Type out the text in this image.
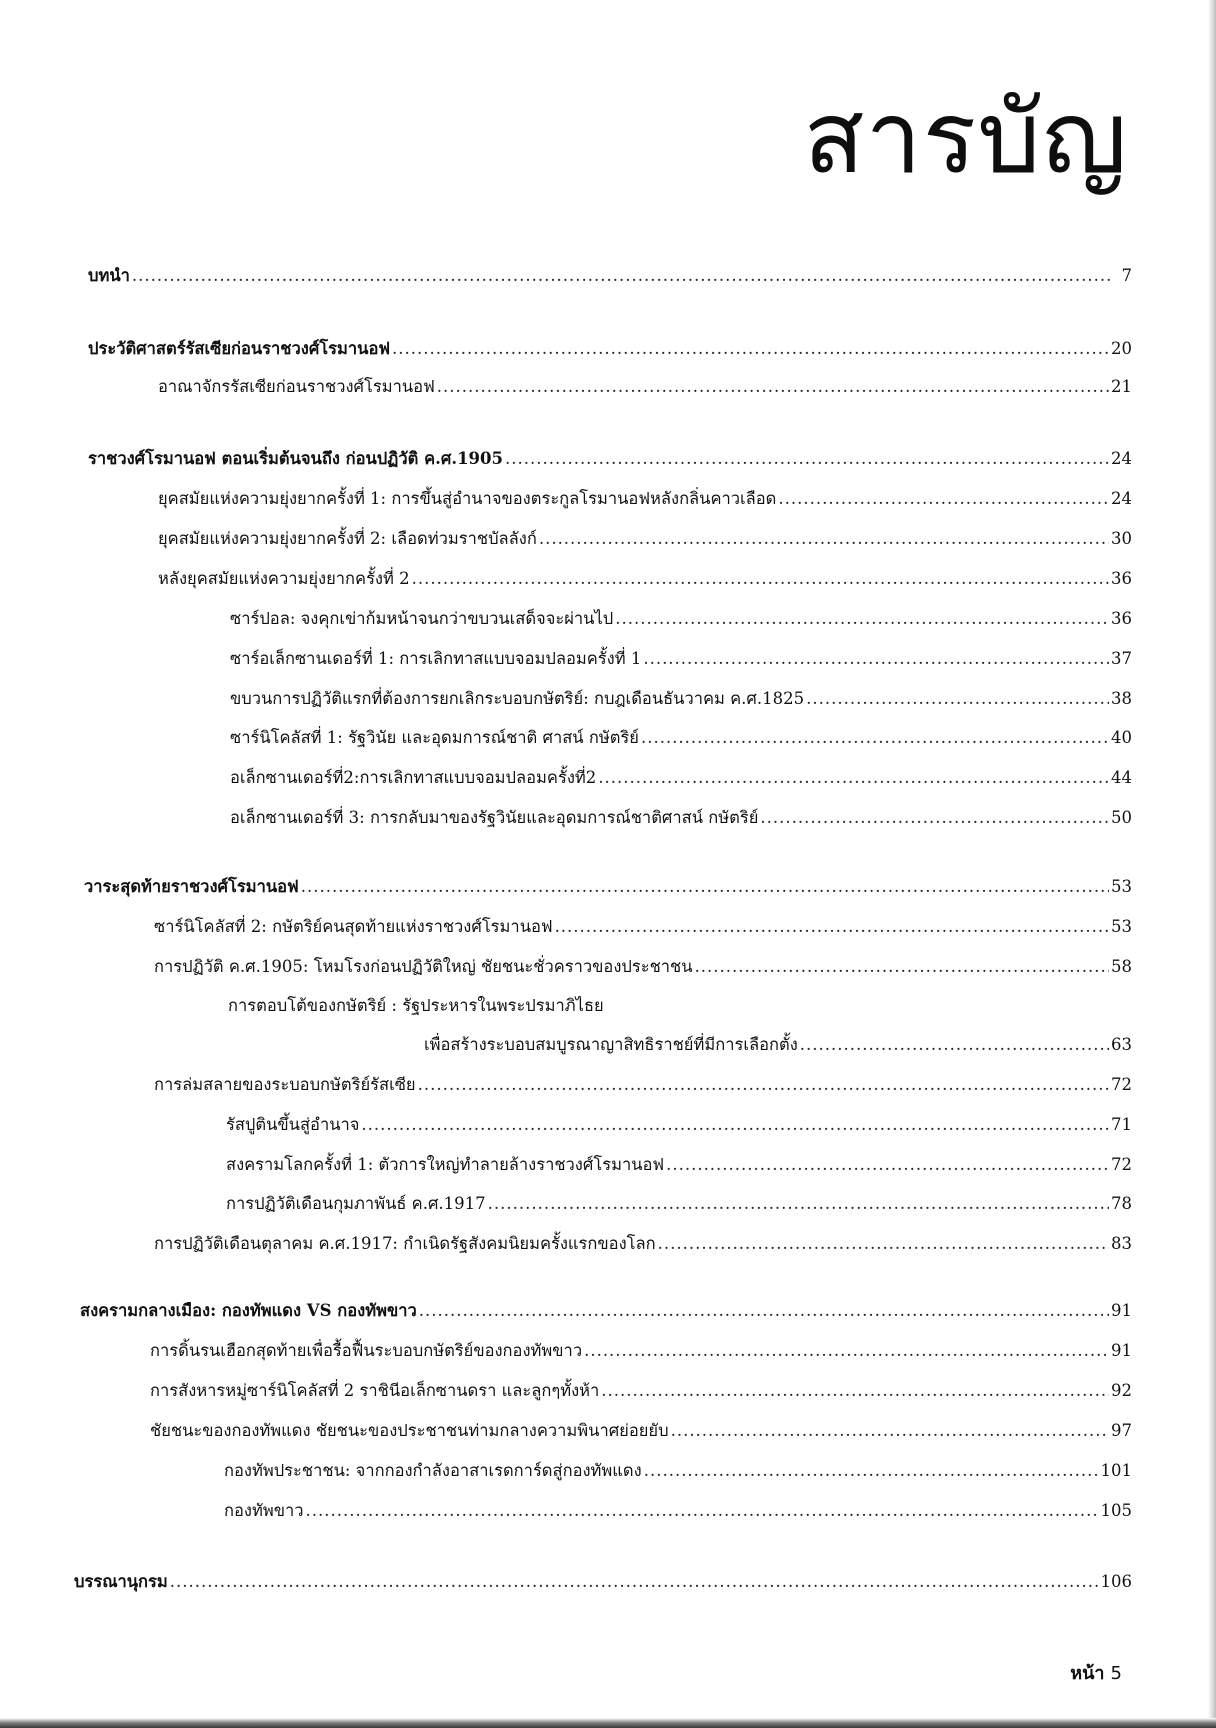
สารบัญ
บทนำ .....	7
ประวัติศาสตร์รัสเซียก่อนราชวงศ์โรมานอฟ .....	20
อาณาจักรรัสเซียก่อนราชวงศ์โรมานอฟ .....	21
ราชวงศ์โรมานอฟ ตอนเริ่มต้นจนถึง ก่อนปฏิวัติ ค.ศ.1905 .....	24
ยุคสมัยแห่งความยุ่งยากครั้งที่ 1: การขึ้นสู่อำนาจของตระกูลโรมานอฟหลังกลิ่นคาวเลือด .....	24
ยุคสมัยแห่งความยุ่งยากครั้งที่ 2: เลือดท่วมราชบัลลังก์ .....	30
หลังยุคสมัยแห่งความยุ่งยากครั้งที่ 2 .....	36
ซาร์ปอล: จงคุกเข่าก้มหน้าจนกว่าขบวนเสด็จจะผ่านไป .....	36
ซาร์อเล็กซานเดอร์ที่ 1: การเลิกทาสแบบจอมปลอมครั้งที่ 1 .....	37
ขบวนการปฏิวัติแรกที่ต้องการยกเลิกระบอบกษัตริย์: กบฎเดือนธันวาคม ค.ศ.1825 .....	38
ซาร์นิโคลัสที่ 1: รัฐวินัย และอุดมการณ์ชาติ ศาสน์ กษัตริย์ .....	40
อเล็กซานเดอร์ที่2:การเลิกทาสแบบจอมปลอมครั้งที่2 .....	44
อเล็กซานเดอร์ที่ 3: การกลับมาของรัฐวินัยและอุดมการณ์ชาติศาสน์ กษัตริย์ .....	50
วาระสุดท้ายราชวงศ์โรมานอฟ .....	53
ซาร์นิโคลัสที่ 2: กษัตริย์คนสุดท้ายแห่งราชวงศ์โรมานอฟ .....	53
การปฏิวัติ ค.ศ.1905: โหมโรงก่อนปฏิวัติใหญ่ ชัยชนะชั่วคราวของประชาชน .....	58
การตอบโต้ของกษัตริย์ : รัฐประหารในพระปรมาภิไธย
เพื่อสร้างระบอบสมบูรณาญาสิทธิราชย์ที่มีการเลือกตั้ง .....	63
การล่มสลายของระบอบกษัตริย์รัสเซีย .....	72
รัสปูตินขึ้นสู่อำนาจ .....	71
สงครามโลกครั้งที่ 1: ตัวการใหญ่ทำลายล้างราชวงศ์โรมานอฟ .....	72
การปฏิวัติเดือนกุมภาพันธ์ ค.ศ.1917 .....	78
การปฏิวัติเดือนตุลาคม ค.ศ.1917: กำเนิดรัฐสังคมนิยมครั้งแรกของโลก .....	83
สงครามกลางเมือง: กองทัพแดง VS กองทัพขาว .....	91
การดิ้นรนเฮือกสุดท้ายเพื่อรื้อฟื้นระบอบกษัตริย์ของกองทัพขาว .....	91
การสังหารหมู่ซาร์นิโคลัสที่ 2 ราชินีอเล็กซานดรา และลูกๆทั้งห้า .....	92
ชัยชนะของกองทัพแดง ชัยชนะของประชาชนท่ามกลางความพินาศย่อยยับ .....	97
กองทัพประชาชน: จากกองกำลังอาสาเรดการ์ดสู่กองทัพแดง .....	101
กองทัพขาว .....	105
บรรณานุกรม .....	106
หน้า 5
